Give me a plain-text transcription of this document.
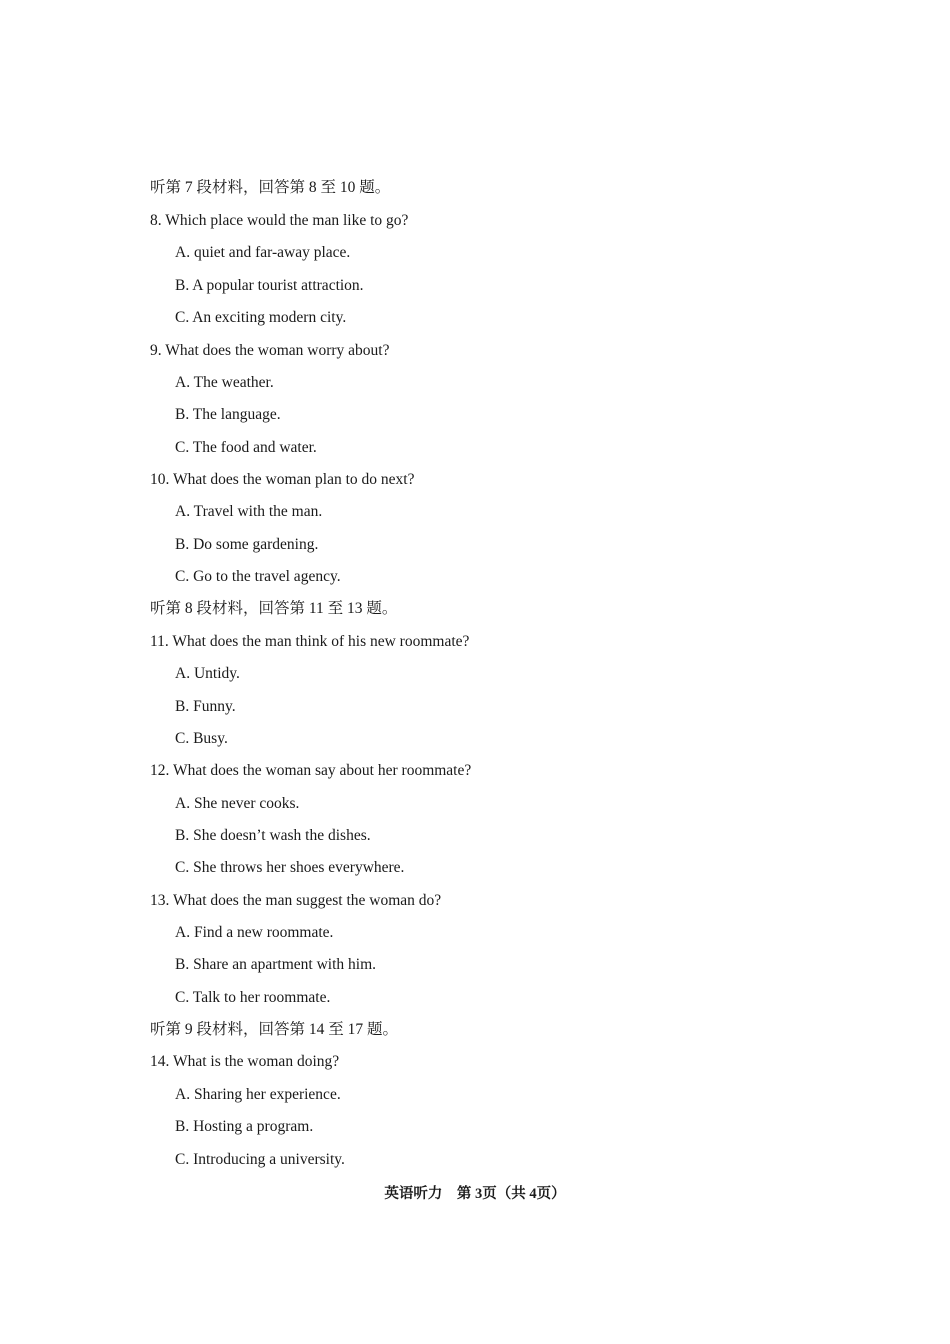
听第 7 段材料，回答第 8 至 10 题。
8. Which place would the man like to go?
A. quiet and far-away place.
B. A popular tourist attraction.
C. An exciting modern city.
9. What does the woman worry about?
A. The weather.
B. The language.
C. The food and water.
10. What does the woman plan to do next?
A. Travel with the man.
B. Do some gardening.
C. Go to the travel agency.
听第 8 段材料，回答第 11 至 13 题。
11. What does the man think of his new roommate?
A. Untidy.
B. Funny.
C. Busy.
12. What does the woman say about her roommate?
A. She never cooks.
B. She doesn’t wash the dishes.
C. She throws her shoes everywhere.
13. What does the man suggest the woman do?
A. Find a new roommate.
B. Share an apartment with him.
C. Talk to her roommate.
听第 9 段材料，回答第 14 至 17 题。
14. What is the woman doing?
A. Sharing her experience.
B. Hosting a program.
C. Introducing a university.
英语听力　第 3页（共 4页）
